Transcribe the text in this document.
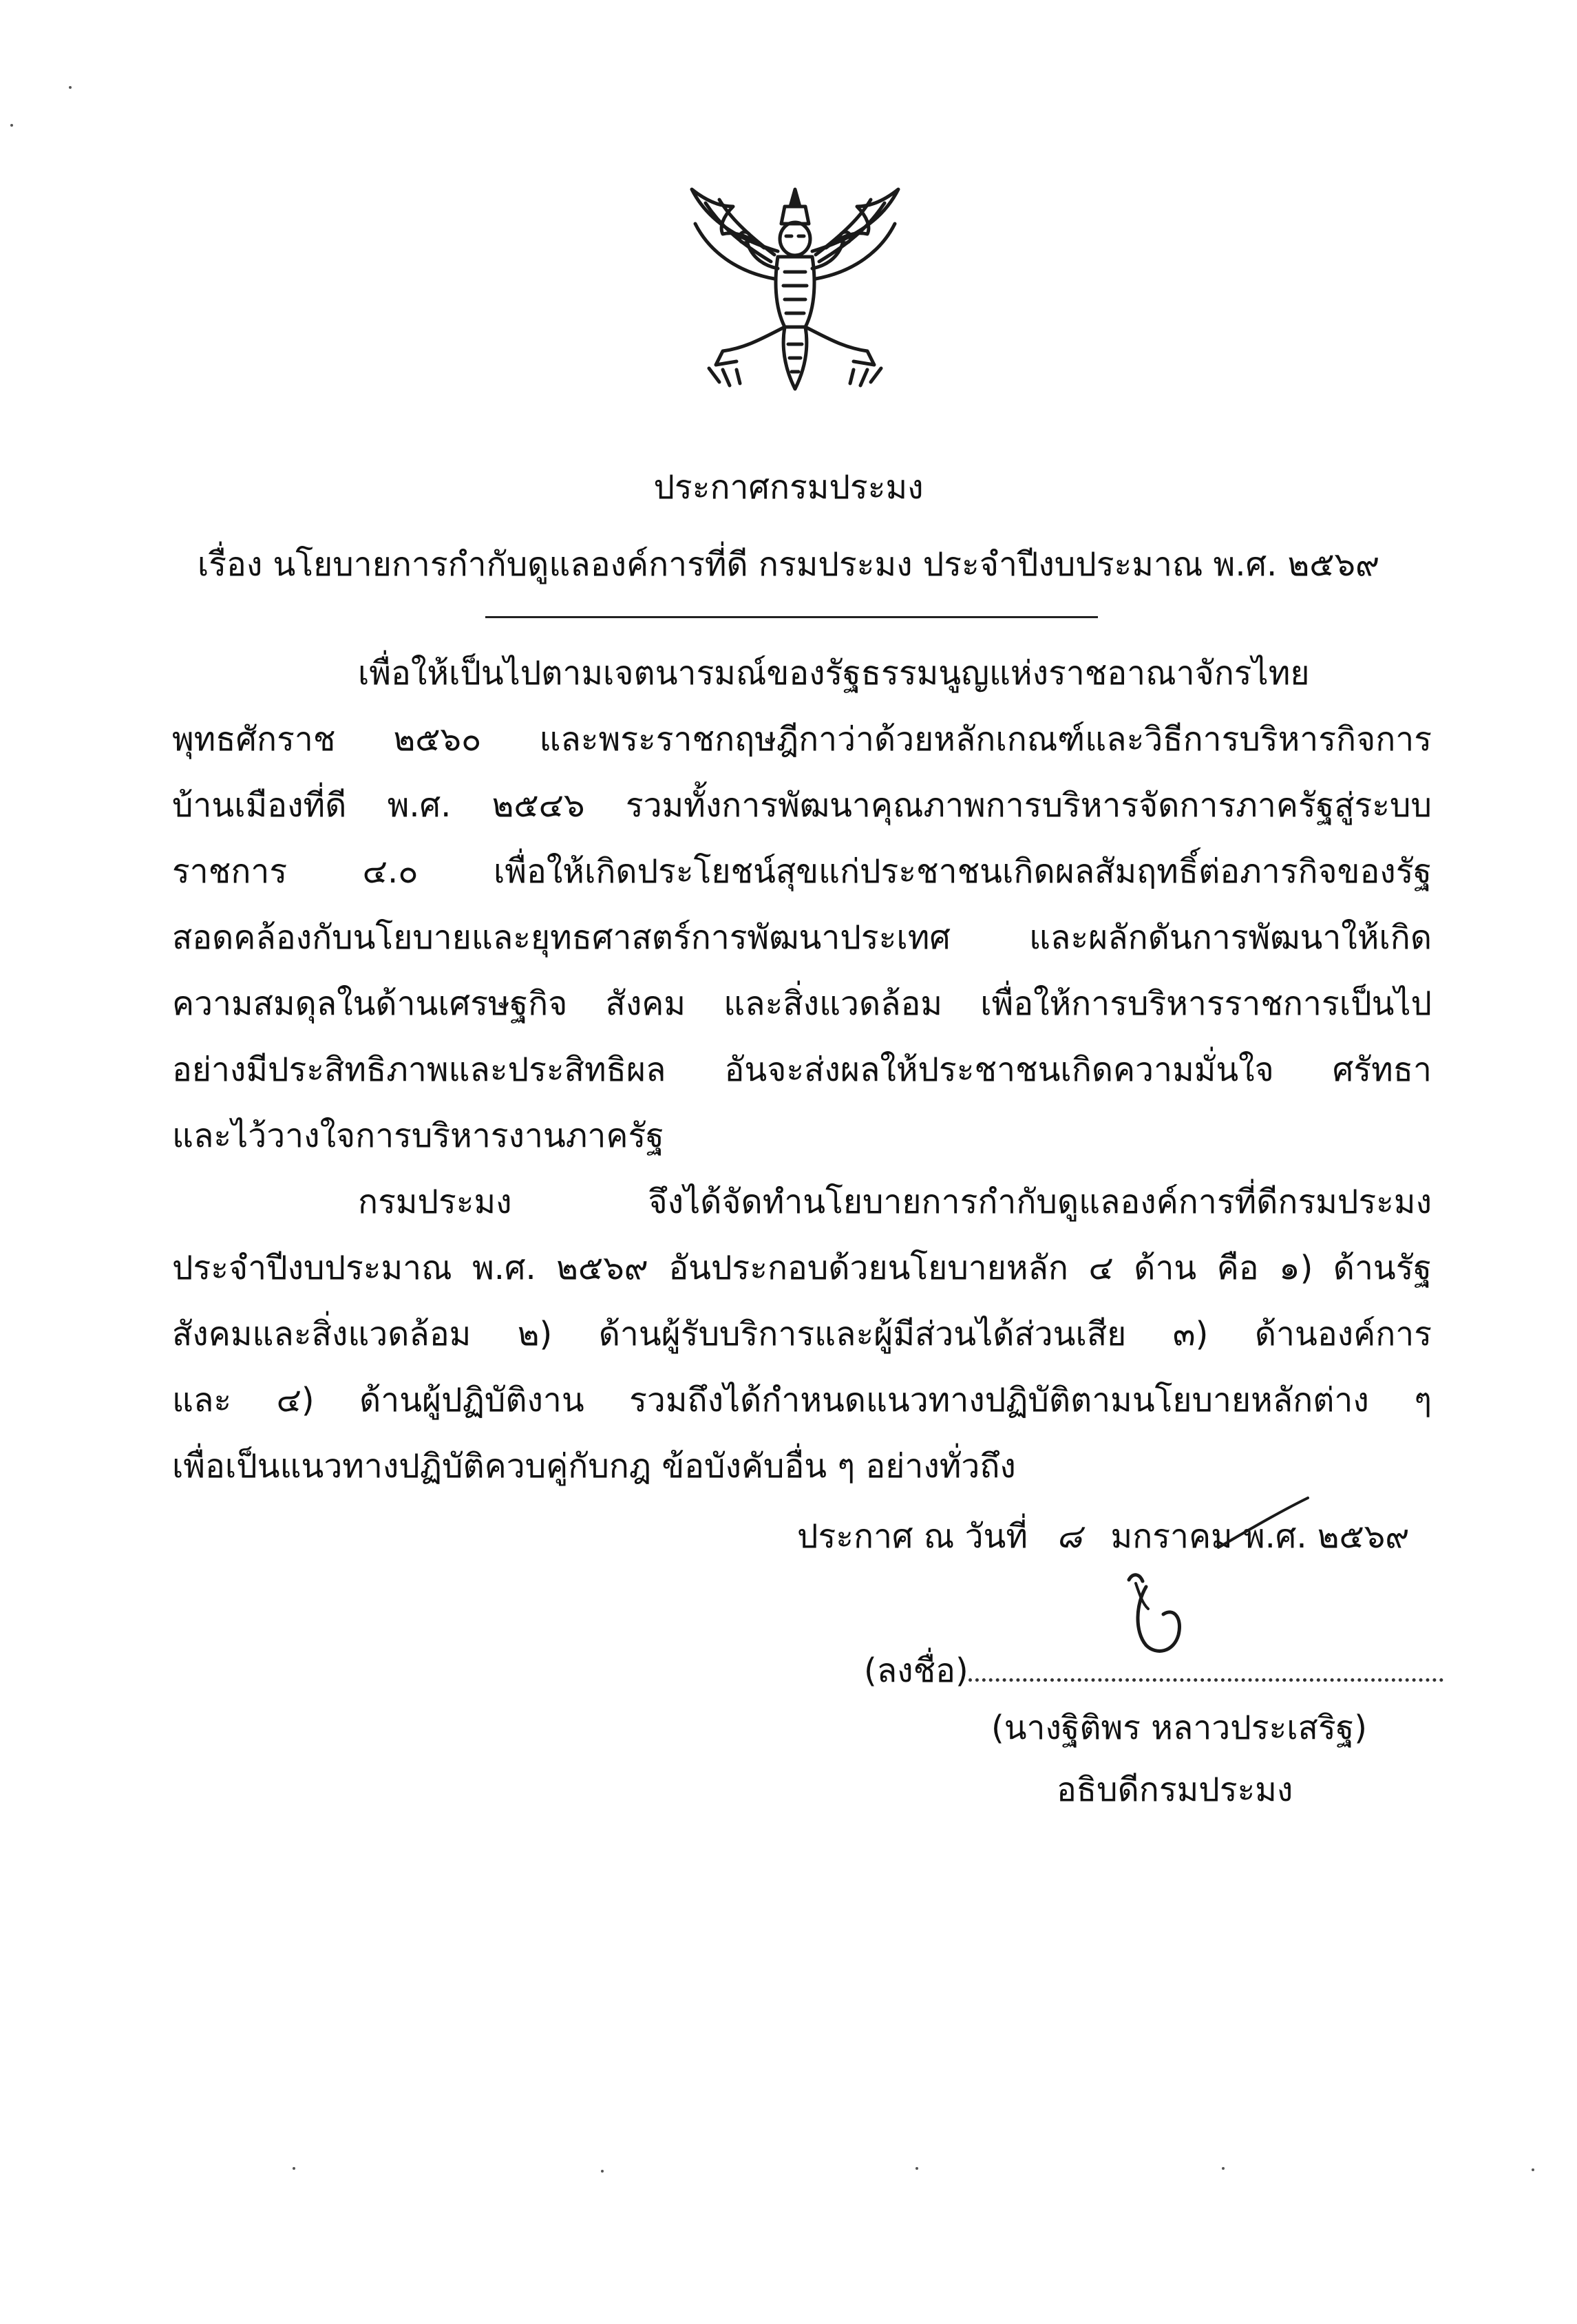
ประกาศกรมประมง
เรื่อง นโยบายการกำกับดูแลองค์การที่ดี กรมประมง ประจำปีงบประมาณ พ.ศ. ๒๕๖๙
เพื่อให้เป็นไปตามเจตนารมณ์ของรัฐธรรมนูญแห่งราชอาณาจักรไทย
พุทธศักราช ๒๕๖๐ และพระราชกฤษฎีกาว่าด้วยหลักเกณฑ์และวิธีการบริหารกิจการ
บ้านเมืองที่ดี พ.ศ. ๒๕๔๖ รวมทั้งการพัฒนาคุณภาพการบริหารจัดการภาครัฐสู่ระบบ
ราชการ ๔.๐ เพื่อให้เกิดประโยชน์สุขแก่ประชาชนเกิดผลสัมฤทธิ์ต่อภารกิจของรัฐ
สอดคล้องกับนโยบายและยุทธศาสตร์การพัฒนาประเทศ และผลักดันการพัฒนาให้เกิด
ความสมดุลในด้านเศรษฐกิจ สังคม และสิ่งแวดล้อม เพื่อให้การบริหารราชการเป็นไป
อย่างมีประสิทธิภาพและประสิทธิผล อันจะส่งผลให้ประชาชนเกิดความมั่นใจ ศรัทธา
และไว้วางใจการบริหารงานภาครัฐ
กรมประมง จึงได้จัดทำนโยบายการกำกับดูแลองค์การที่ดีกรมประมง
ประจำปีงบประมาณ พ.ศ. ๒๕๖๙ อันประกอบด้วยนโยบายหลัก ๔ ด้าน คือ ๑) ด้านรัฐ
สังคมและสิ่งแวดล้อม ๒) ด้านผู้รับบริการและผู้มีส่วนได้ส่วนเสีย ๓) ด้านองค์การ
และ ๔) ด้านผู้ปฏิบัติงาน รวมถึงได้กำหนดแนวทางปฏิบัติตามนโยบายหลักต่าง ๆ
เพื่อเป็นแนวทางปฏิบัติควบคู่กับกฎ ข้อบังคับอื่น ๆ อย่างทั่วถึง
ประกาศ ณ วันที่ ๘ มกราคม พ.ศ. ๒๕๖๙
(ลงชื่อ)
(นางฐิติพร หลาวประเสริฐ)
อธิบดีกรมประมง
